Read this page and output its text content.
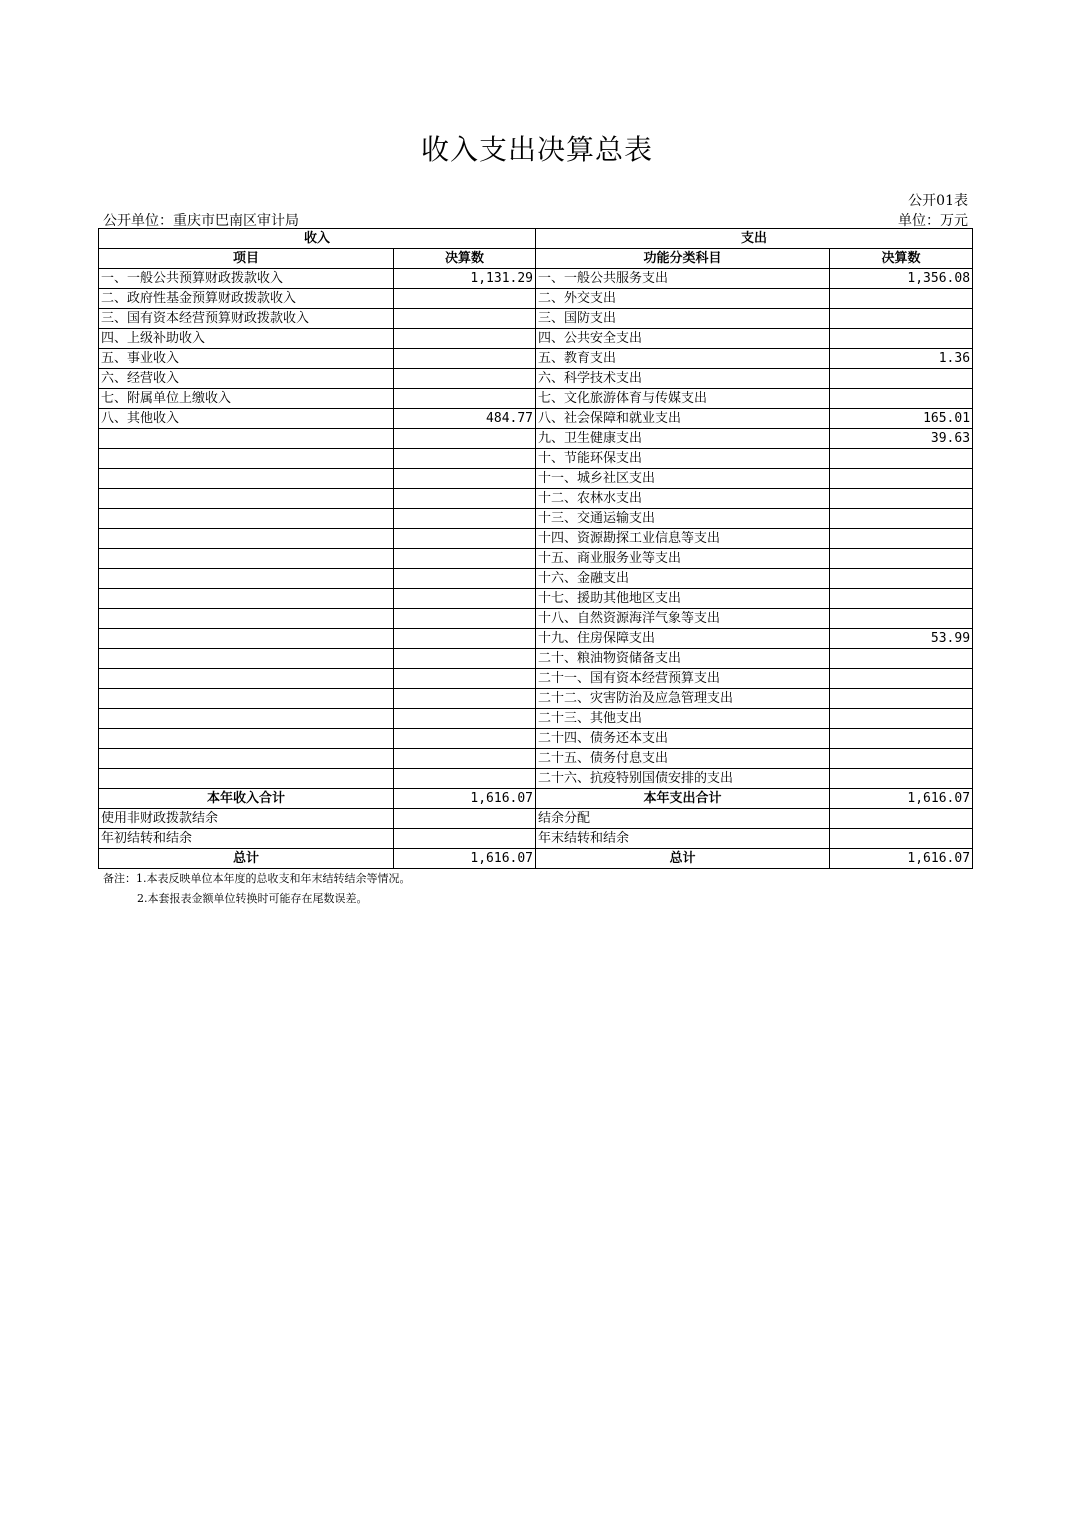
收入支出决算总表
公开01表
公开单位：重庆市巴南区审计局	单位：万元
收入		支出	
项目	决算数	功能分类科目	决算数
一、一般公共预算财政拨款收入	1,131.29	一、一般公共服务支出	1,356.08
二、政府性基金预算财政拨款收入		二、外交支出	
三、国有资本经营预算财政拨款收入		三、国防支出	
四、上级补助收入		四、公共安全支出	
五、事业收入		五、教育支出	1.36
六、经营收入		六、科学技术支出	
七、附属单位上缴收入		七、文化旅游体育与传媒支出	
八、其他收入	484.77	八、社会保障和就业支出	165.01
		九、卫生健康支出	39.63
		十、节能环保支出	
		十一、城乡社区支出	
		十二、农林水支出	
		十三、交通运输支出	
		十四、资源勘探工业信息等支出	
		十五、商业服务业等支出	
		十六、金融支出	
		十七、援助其他地区支出	
		十八、自然资源海洋气象等支出	
		十九、住房保障支出	53.99
		二十、粮油物资储备支出	
		二十一、国有资本经营预算支出	
		二十二、灾害防治及应急管理支出	
		二十三、其他支出	
		二十四、债务还本支出	
		二十五、债务付息支出	
		二十六、抗疫特别国债安排的支出	
本年收入合计	1,616.07	本年支出合计	1,616.07
使用非财政拨款结余		结余分配	
年初结转和结余		年末结转和结余	
总计	1,616.07	总计	1,616.07
备注：1.本表反映单位本年度的总收支和年末结转结余等情况。
2.本套报表金额单位转换时可能存在尾数误差。
